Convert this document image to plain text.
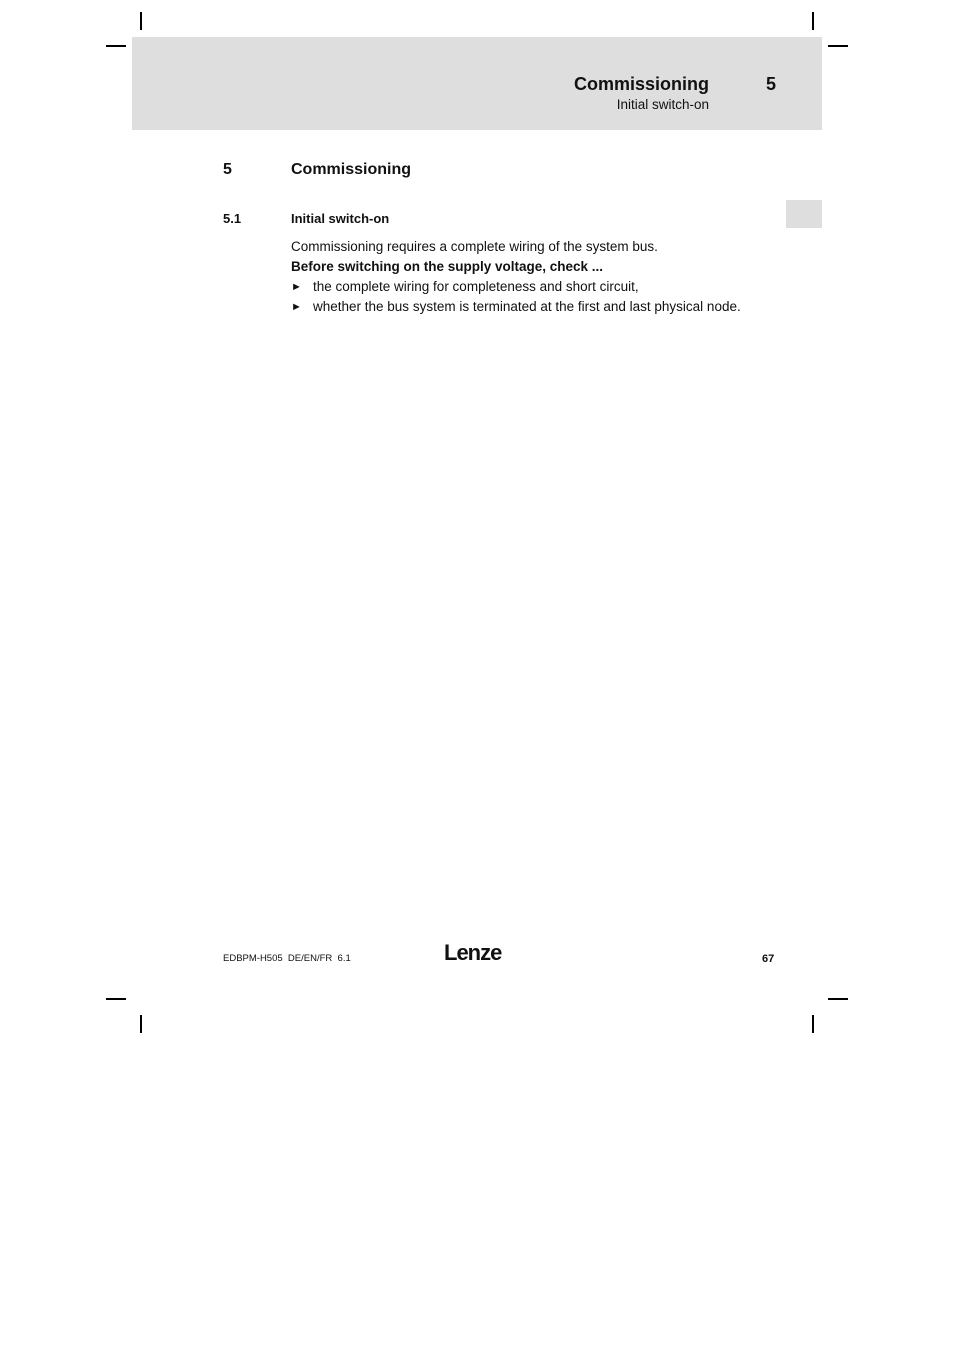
Commissioning	5
Initial switch-on
5	Commissioning
5.1	Initial switch-on
Commissioning requires a complete wiring of the system bus.
Before switching on the supply voltage, check ...
► the complete wiring for completeness and short circuit,
► whether the bus system is terminated at the first and last physical node.
EDBPM-H505  DE/EN/FR  6.1	Lenze	67
